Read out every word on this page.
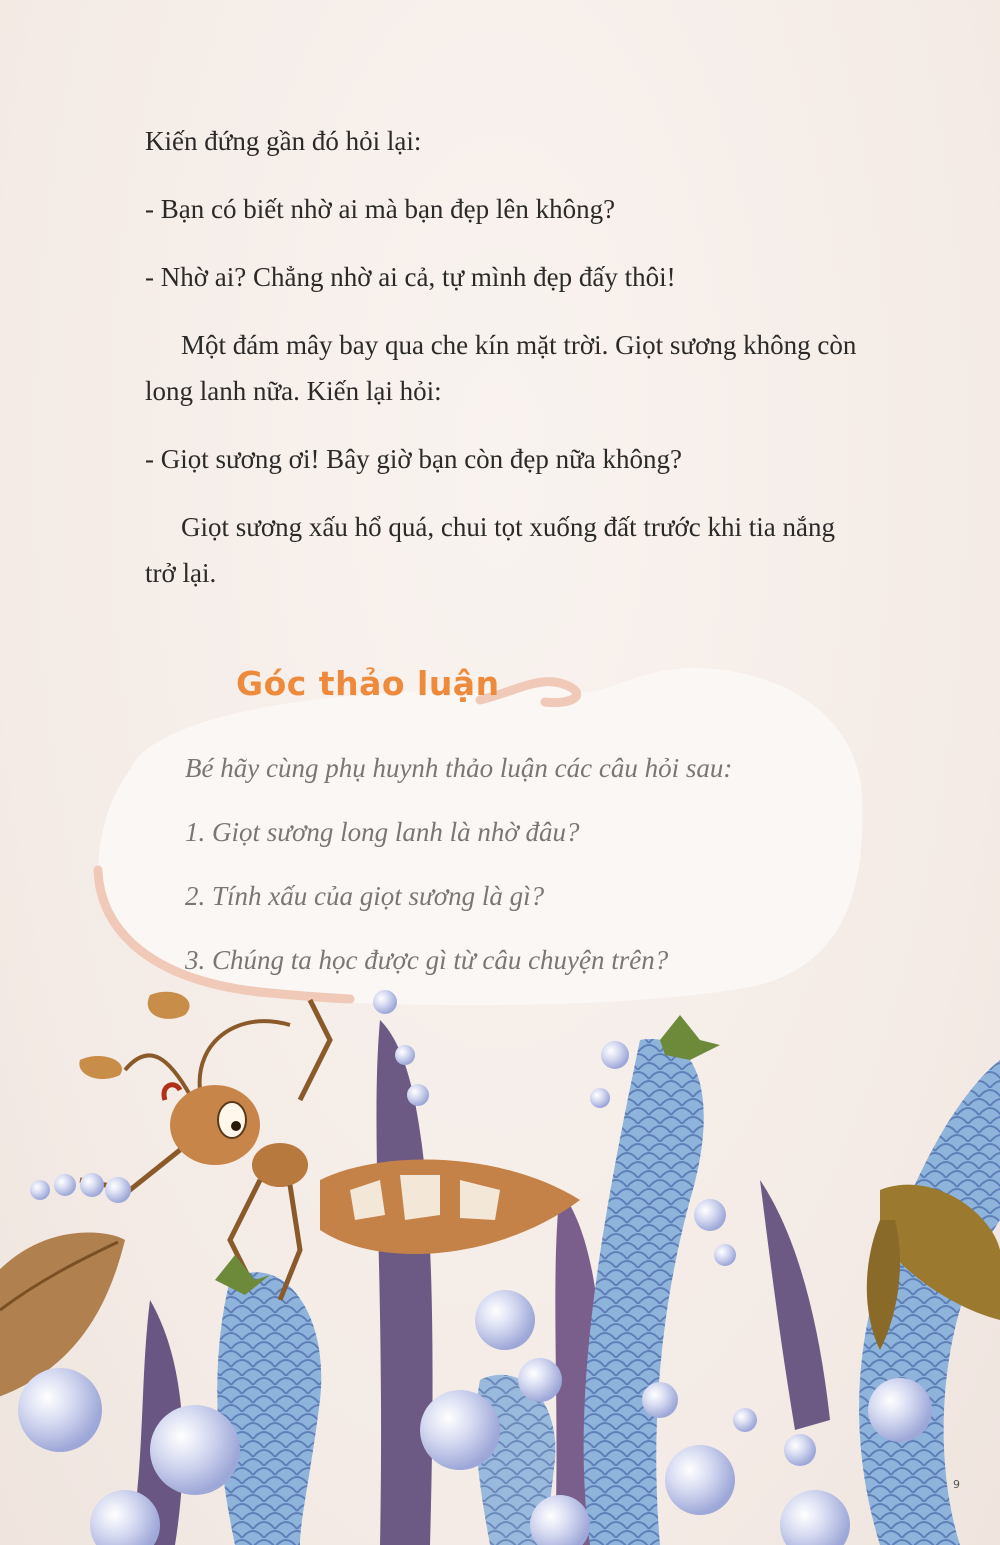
Kiến đứng gần đó hỏi lại:

- Bạn có biết nhờ ai mà bạn đẹp lên không?

- Nhờ ai? Chẳng nhờ ai cả, tự mình đẹp đấy thôi!

Một đám mây bay qua che kín mặt trời. Giọt sương không còn long lanh nữa. Kiến lại hỏi:

- Giọt sương ơi! Bây giờ bạn còn đẹp nữa không?

Giọt sương xấu hổ quá, chui tọt xuống đất trước khi tia nắng trở lại.

Góc thảo luận
Bé hãy cùng phụ huynh thảo luận các câu hỏi sau:
1. Giọt sương long lanh là nhờ đâu?
2. Tính xấu của giọt sương là gì?
3. Chúng ta học được gì từ câu chuyện trên?
9
